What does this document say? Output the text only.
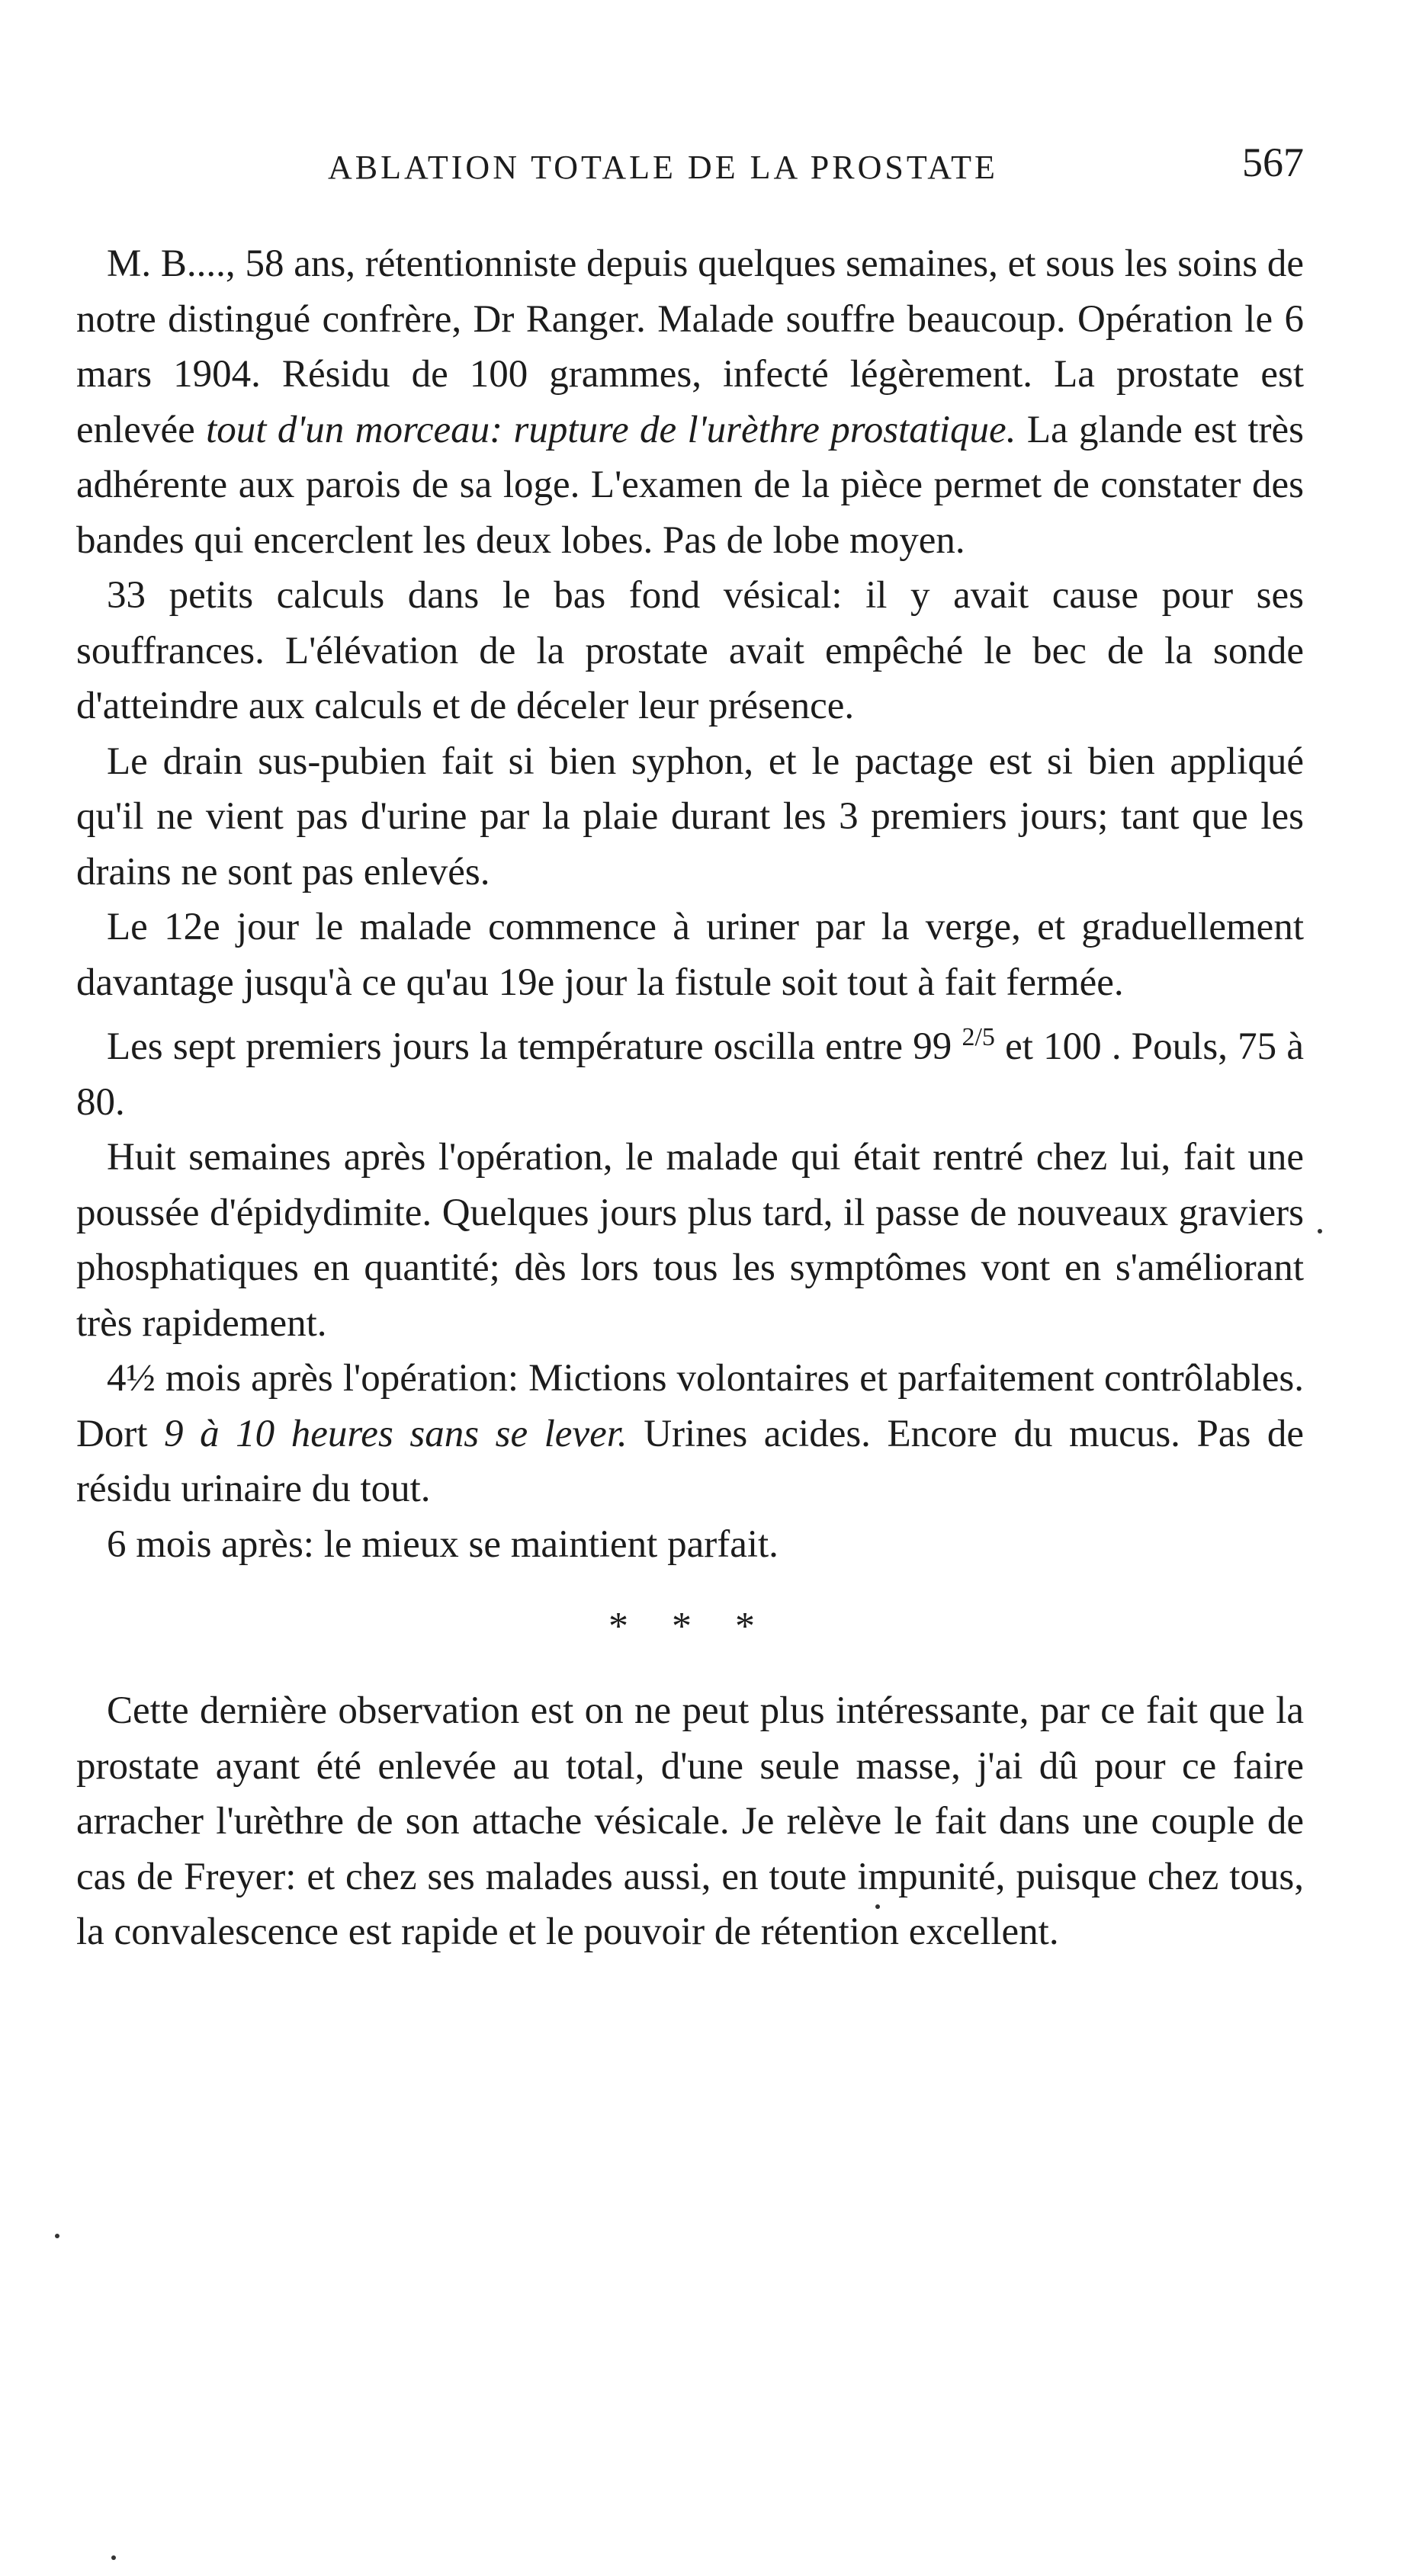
ABLATION TOTALE DE LA PROSTATE	567

M. B...., 58 ans, rétentionniste depuis quelques semaines, et sous les soins de notre distingué confrère, Dr Ranger. Malade souffre beaucoup. Opération le 6 mars 1904. Résidu de 100 grammes, infecté légèrement. La prostate est enlevée tout d'un morceau: rupture de l'urèthre prostatique. La glande est très adhérente aux parois de sa loge. L'examen de la pièce permet de constater des bandes qui encerclent les deux lobes. Pas de lobe moyen.

33 petits calculs dans le bas fond vésical: il y avait cause pour ses souffrances. L'élévation de la prostate avait empêché le bec de la sonde d'atteindre aux calculs et de déceler leur présence.

Le drain sus-pubien fait si bien syphon, et le pactage est si bien appliqué qu'il ne vient pas d'urine par la plaie durant les 3 premiers jours; tant que les drains ne sont pas enlevés.

Le 12e jour le malade commence à uriner par la verge, et graduellement davantage jusqu'à ce qu'au 19e jour la fistule soit tout à fait fermée.

Les sept premiers jours la température oscilla entre 99 $^{2/5}$ et 100 . Pouls, 75 à 80.

Huit semaines après l'opération, le malade qui était rentré chez lui, fait une poussée d'épidydimite. Quelques jours plus tard, il passe de nouveaux graviers phosphatiques en quantité; dès lors tous les symptômes vont en s'améliorant très rapidement.

4½ mois après l'opération: Mictions volontaires et parfaitement contrôlables. Dort 9 à 10 heures sans se lever. Urines acides. Encore du mucus. Pas de résidu urinaire du tout.

6 mois après: le mieux se maintient parfait.

* * *

Cette dernière observation est on ne peut plus intéressante, par ce fait que la prostate ayant été enlevée au total, d'une seule masse, j'ai dû pour ce faire arracher l'urèthre de son attache vésicale. Je relève le fait dans une couple de cas de Freyer: et chez ses malades aussi, en toute impunité, puisque chez tous, la convalescence est rapide et le pouvoir de rétention excellent.
